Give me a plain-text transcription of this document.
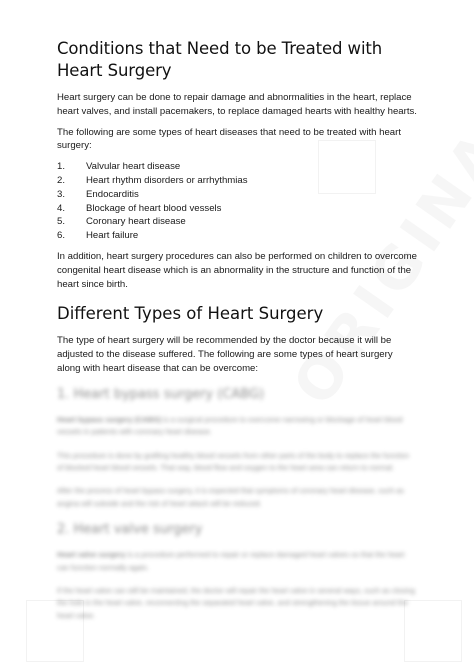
Conditions that Need to be Treated with Heart Surgery

Heart surgery can be done to repair damage and abnormalities in the heart, replace heart valves, and install pacemakers, to replace damaged hearts with healthy hearts.

The following are some types of heart diseases that need to be treated with heart surgery:

1.	Valvular heart disease
2.	Heart rhythm disorders or arrhythmias
3.	Endocarditis
4.	Blockage of heart blood vessels
5.	Coronary heart disease
6.	Heart failure

In addition, heart surgery procedures can also be performed on children to overcome congenital heart disease which is an abnormality in the structure and function of the heart since birth.

Different Types of Heart Surgery

The type of heart surgery will be recommended by the doctor because it will be adjusted to the disease suffered. The following are some types of heart surgery along with heart disease that can be overcome:

1. Heart bypass surgery (CABG)

Heart bypass surgery (CABG) is a surgical procedure to overcome narrowing or blockage of heart blood vessels in patients with coronary heart disease.

This procedure is done by grafting healthy blood vessels from other parts of the body to replace the function of blocked heart blood vessels. That way, blood flow and oxygen to the heart area can return to normal.

After the process of heart bypass surgery, it is expected that symptoms of coronary heart disease, such as angina will subside and the risk of heart attack will be reduced.

2. Heart valve surgery

Heart valve surgery is a procedure performed to repair or replace damaged heart valves so that the heart can function normally again.

If the heart valve can still be maintained, the doctor will repair the heart valve in several ways, such as closing the hole in the heart valve, reconnecting the separated heart valve, and strengthening the tissue around the heart valve.
